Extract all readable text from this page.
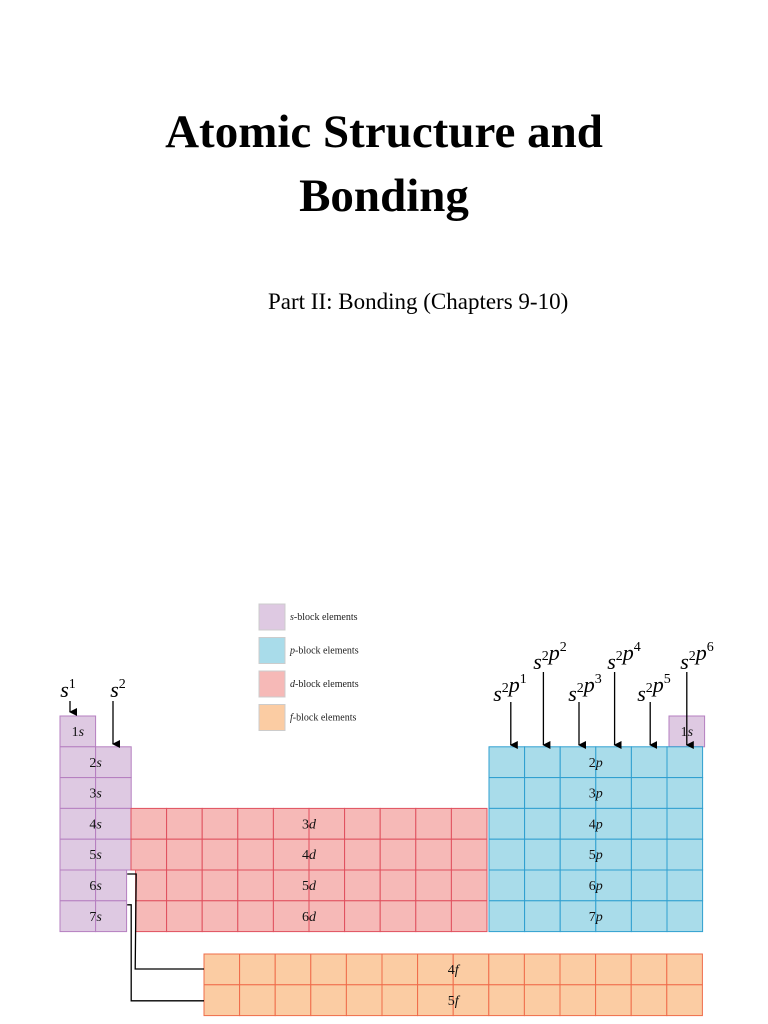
Atomic Structure and
Bonding
Part II: Bonding (Chapters 9-10)
s-block elements
p-block elements
d-block elements
f-block elements
1s
2s
3s
4s
5s
6s
7s
1s
3d
4d
5d
6d
2p
3p
4p
5p
6p
7p
4f
5f
$s^1$ $s^2$	$s^2p^1$
$s^2p^2$
$s^2p^3$
$s^2p^4$
$s^2p^5$
$s^2p^6$
